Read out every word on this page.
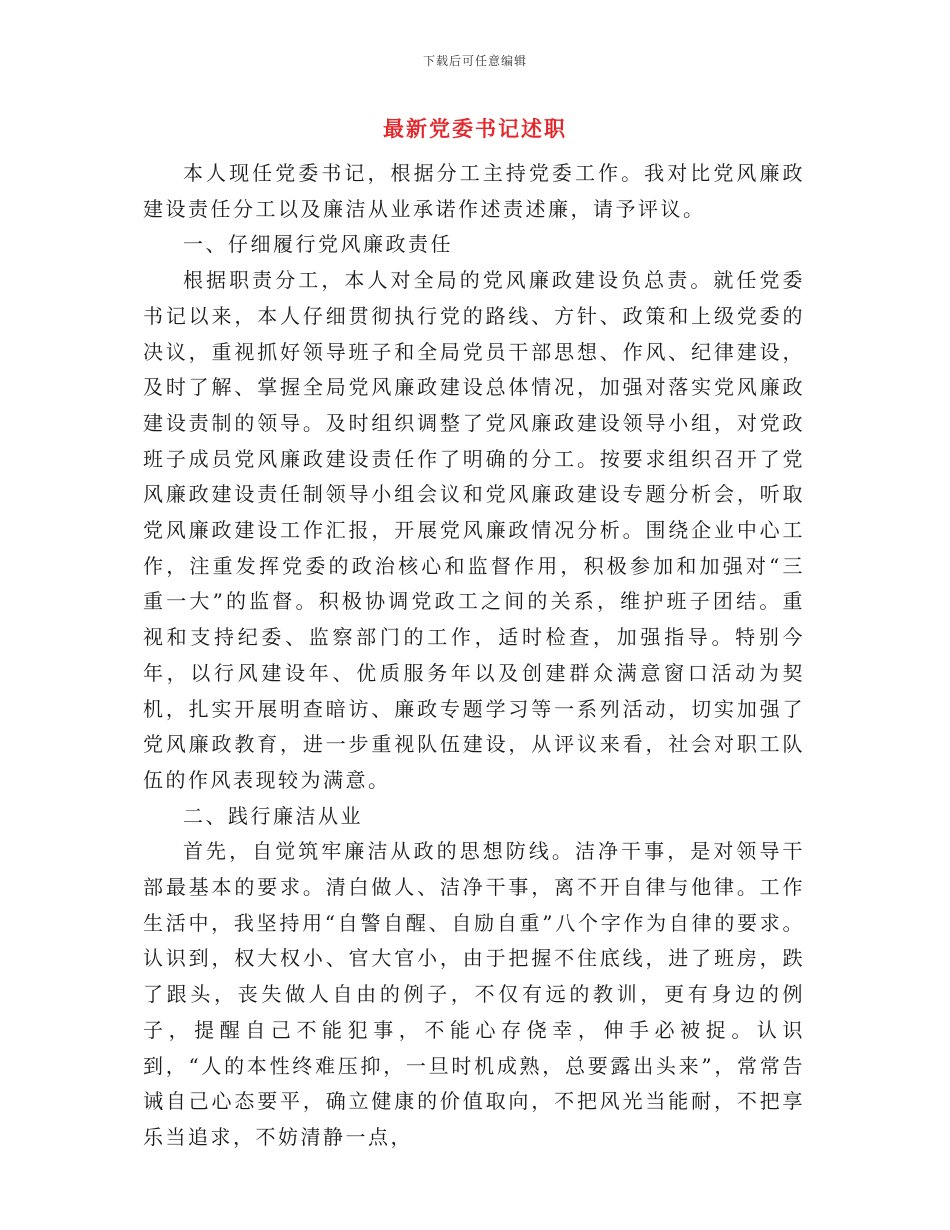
下载后可任意编辑
最新党委书记述职

本人现任党委书记，根据分工主持党委工作。我对比党风廉政建设责任分工以及廉洁从业承诺作述责述廉，请予评议。

一、仔细履行党风廉政责任

根据职责分工，本人对全局的党风廉政建设负总责。就任党委书记以来，本人仔细贯彻执行党的路线、方针、政策和上级党委的决议，重视抓好领导班子和全局党员干部思想、作风、纪律建设，及时了解、掌握全局党风廉政建设总体情况，加强对落实党风廉政建设责制的领导。及时组织调整了党风廉政建设领导小组，对党政班子成员党风廉政建设责任作了明确的分工。按要求组织召开了党风廉政建设责任制领导小组会议和党风廉政建设专题分析会，听取党风廉政建设工作汇报，开展党风廉政情况分析。围绕企业中心工作，注重发挥党委的政治核心和监督作用，积极参加和加强对“三重一大”的监督。积极协调党政工之间的关系，维护班子团结。重视和支持纪委、监察部门的工作，适时检查，加强指导。特别今年，以行风建设年、优质服务年以及创建群众满意窗口活动为契机，扎实开展明查暗访、廉政专题学习等一系列活动，切实加强了党风廉政教育，进一步重视队伍建设，从评议来看，社会对职工队伍的作风表现较为满意。

二、践行廉洁从业

首先，自觉筑牢廉洁从政的思想防线。洁净干事，是对领导干部最基本的要求。清白做人、洁净干事，离不开自律与他律。工作生活中，我坚持用“自警自醒、自励自重”八个字作为自律的要求。认识到，权大权小、官大官小，由于把握不住底线，进了班房，跌了跟头，丧失做人自由的例子，不仅有远的教训，更有身边的例子，提醒自己不能犯事，不能心存侥幸，伸手必被捉。认识到，“人的本性终难压抑，一旦时机成熟，总要露出头来”，常常告诫自己心态要平，确立健康的价值取向，不把风光当能耐，不把享乐当追求，不妨清静一点，
